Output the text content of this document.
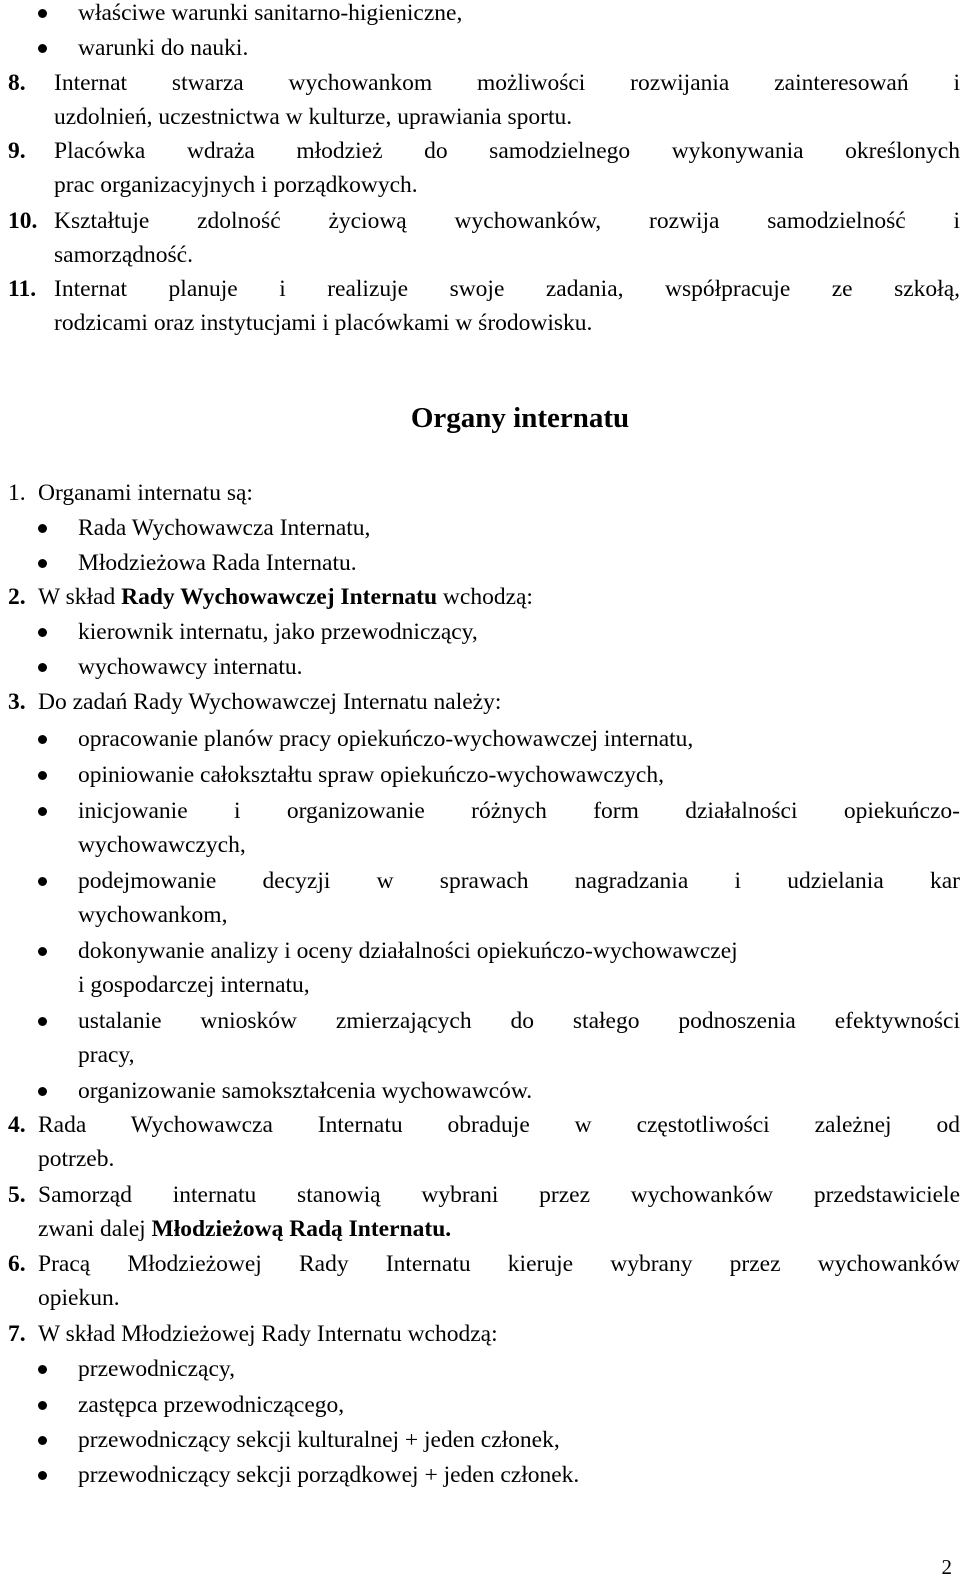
właściwe warunki sanitarno-higieniczne,
warunki do nauki.
8. Internat stwarza wychowankom możliwości rozwijania zainteresowań i
uzdolnień, uczestnictwa w kulturze, uprawiania sportu.
9. Placówka wdraża młodzież do samodzielnego wykonywania określonych
prac organizacyjnych i porządkowych.
10. Kształtuje zdolność życiową wychowanków, rozwija samodzielność i
samorządność.
11. Internat planuje i realizuje swoje zadania, współpracuje ze szkołą,
rodzicami oraz instytucjami i placówkami w środowisku.
Organy internatu
1. Organami internatu są:
Rada Wychowawcza Internatu,
Młodzieżowa Rada Internatu.
2. W skład Rady Wychowawczej Internatu wchodzą:
kierownik internatu, jako przewodniczący,
wychowawcy internatu.
3. Do zadań Rady Wychowawczej Internatu należy:
opracowanie planów pracy opiekuńczo-wychowawczej internatu,
opiniowanie całokształtu spraw opiekuńczo-wychowawczych,
inicjowanie i organizowanie różnych form działalności opiekuńczo-
wychowawczych,
podejmowanie decyzji w sprawach nagradzania i udzielania kar
wychowankom,
dokonywanie analizy i oceny działalności opiekuńczo-wychowawczej
i gospodarczej internatu,
ustalanie wniosków zmierzających do stałego podnoszenia efektywności
pracy,
organizowanie samokształcenia wychowawców.
4. Rada Wychowawcza Internatu obraduje w częstotliwości zależnej od
potrzeb.
5. Samorząd internatu stanowią wybrani przez wychowanków przedstawiciele
zwani dalej Młodzieżową Radą Internatu.
6. Pracą Młodzieżowej Rady Internatu kieruje wybrany przez wychowanków
opiekun.
7. W skład Młodzieżowej Rady Internatu wchodzą:
przewodniczący,
zastępca przewodniczącego,
przewodniczący sekcji kulturalnej + jeden członek,
przewodniczący sekcji porządkowej + jeden członek.
2
